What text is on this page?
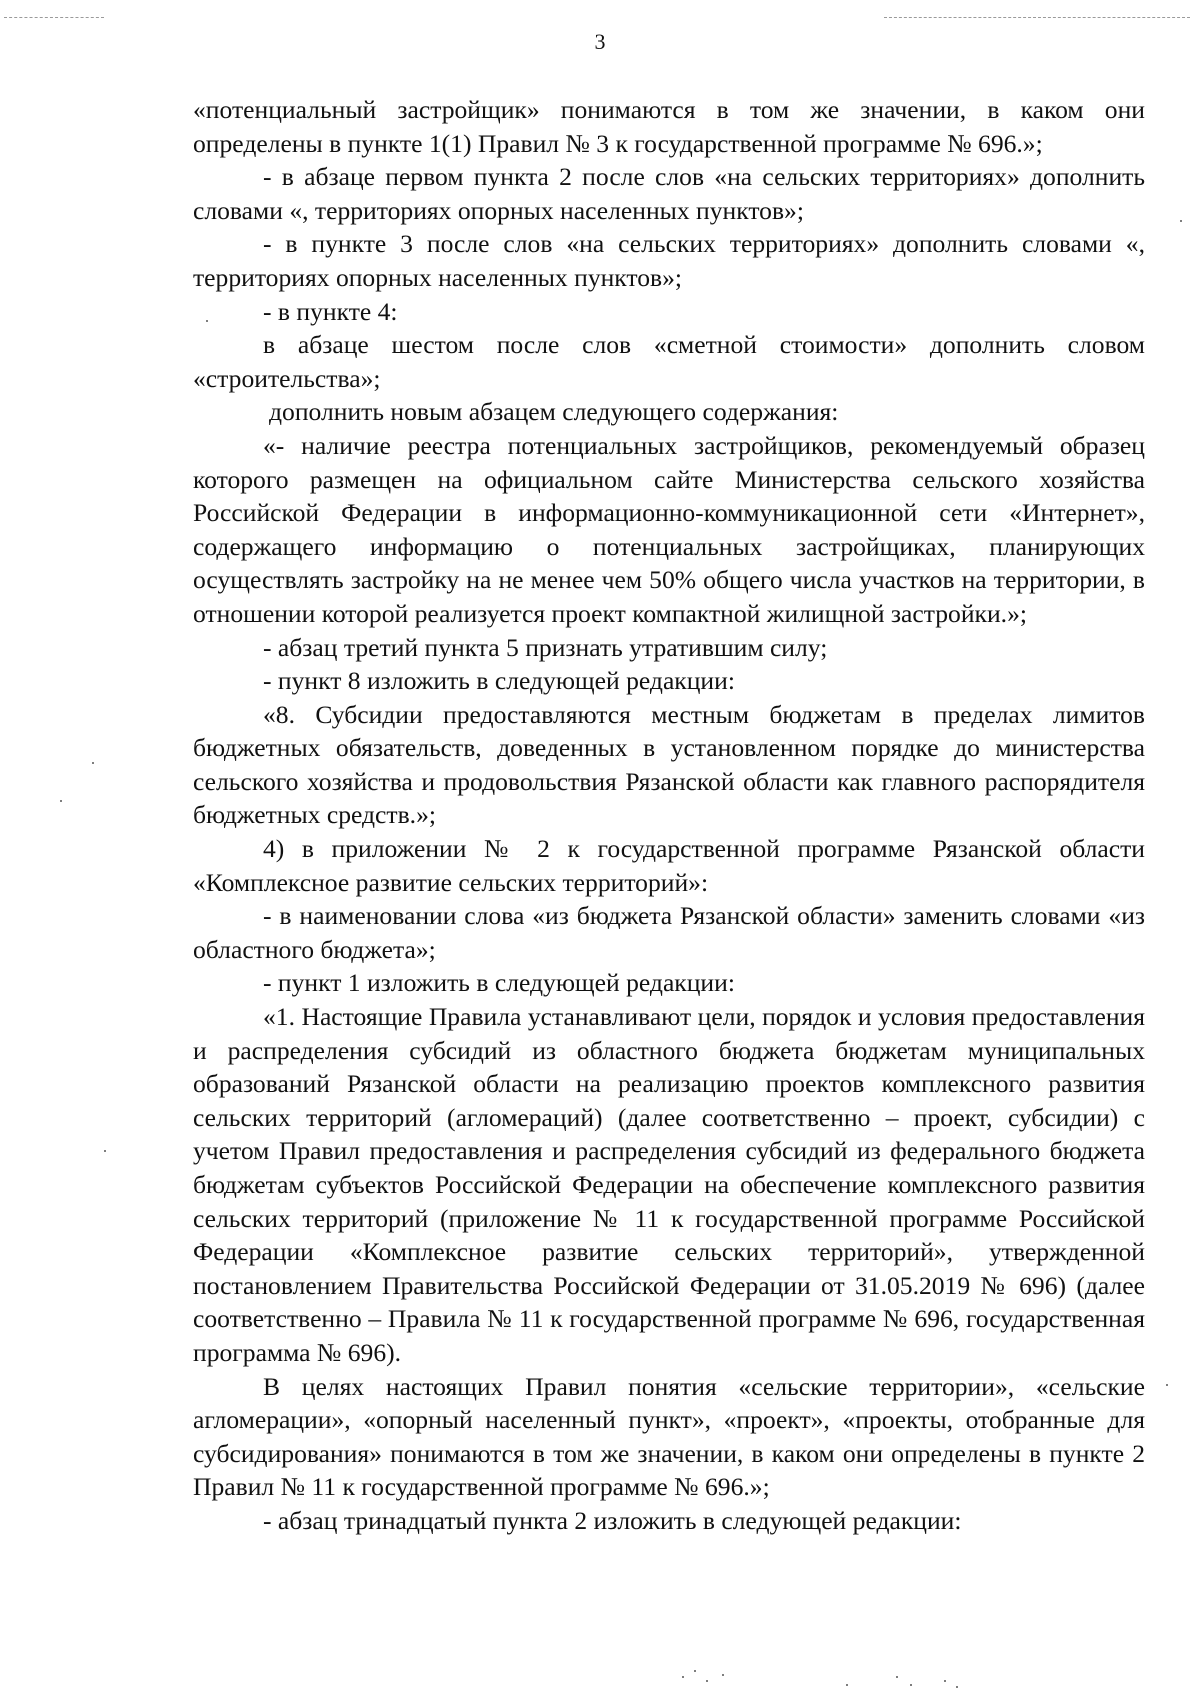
3

«потенциальный застройщик» понимаются в том же значении, в каком они определены в пункте 1(1) Правил № 3 к государственной программе № 696.»;

- в абзаце первом пункта 2 после слов «на сельских территориях» дополнить словами «, территориях опорных населенных пунктов»;

- в пункте 3 после слов «на сельских территориях» дополнить словами «, территориях опорных населенных пунктов»;

- в пункте 4:

в абзаце шестом после слов «сметной стоимости» дополнить словом «строительства»;

дополнить новым абзацем следующего содержания:

«- наличие реестра потенциальных застройщиков, рекомендуемый образец которого размещен на официальном сайте Министерства сельского хозяйства Российской Федерации в информационно-коммуникационной сети «Интернет», содержащего информацию о потенциальных застройщиках, планирующих осуществлять застройку на не менее чем 50% общего числа участков на территории, в отношении которой реализуется проект компактной жилищной застройки.»;

- абзац третий пункта 5 признать утратившим силу;

- пункт 8 изложить в следующей редакции:

«8. Субсидии предоставляются местным бюджетам в пределах лимитов бюджетных обязательств, доведенных в установленном порядке до министерства сельского хозяйства и продовольствия Рязанской области как главного распорядителя бюджетных средств.»;

4) в приложении № 2 к государственной программе Рязанской области «Комплексное развитие сельских территорий»:

- в наименовании слова «из бюджета Рязанской области» заменить словами «из областного бюджета»;

- пункт 1 изложить в следующей редакции:

«1. Настоящие Правила устанавливают цели, порядок и условия предоставления и распределения субсидий из областного бюджета бюджетам муниципальных образований Рязанской области на реализацию проектов комплексного развития сельских территорий (агломераций) (далее соответственно – проект, субсидии) с учетом Правил предоставления и распределения субсидий из федерального бюджета бюджетам субъектов Российской Федерации на обеспечение комплексного развития сельских территорий (приложение № 11 к государственной программе Российской Федерации «Комплексное развитие сельских территорий», утвержденной постановлением Правительства Российской Федерации от 31.05.2019 № 696) (далее соответственно – Правила № 11 к государственной программе № 696, государственная программа № 696).

В целях настоящих Правил понятия «сельские территории», «сельские агломерации», «опорный населенный пункт», «проект», «проекты, отобранные для субсидирования» понимаются в том же значении, в каком они определены в пункте 2 Правил № 11 к государственной программе № 696.»;

- абзац тринадцатый пункта 2 изложить в следующей редакции:
